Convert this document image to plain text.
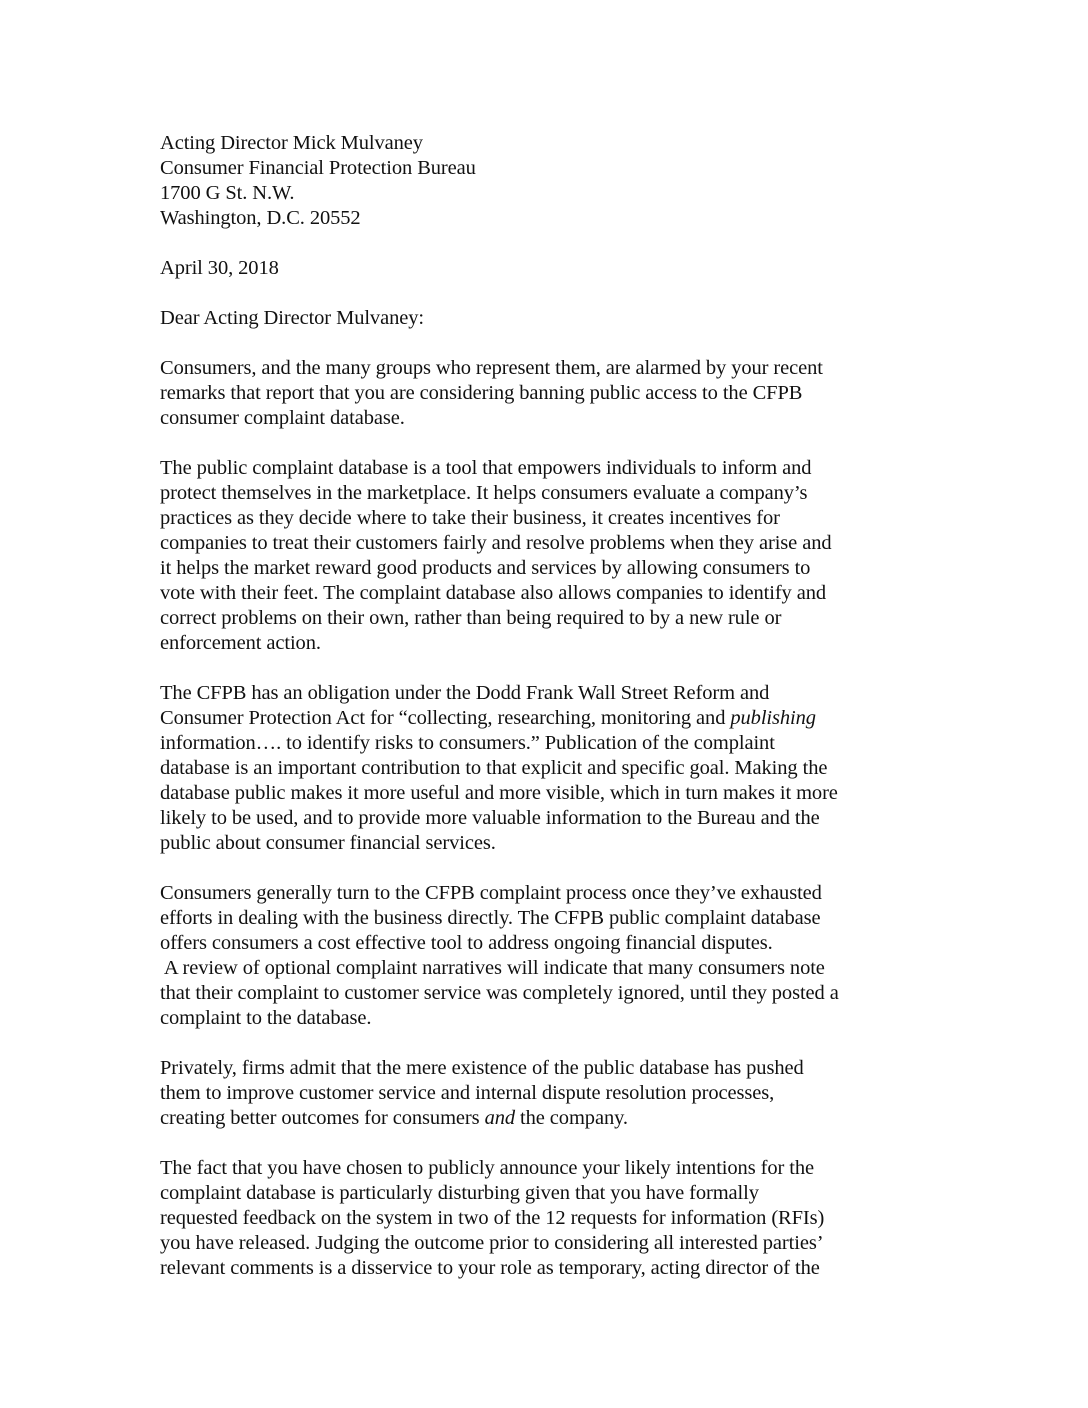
Acting Director Mick Mulvaney
Consumer Financial Protection Bureau
1700 G St. N.W.
Washington, D.C. 20552
April 30, 2018
Dear Acting Director Mulvaney:
Consumers, and the many groups who represent them, are alarmed by your recent
remarks that report that you are considering banning public access to the CFPB
consumer complaint database.
The public complaint database is a tool that empowers individuals to inform and
protect themselves in the marketplace. It helps consumers evaluate a company’s
practices as they decide where to take their business, it creates incentives for
companies to treat their customers fairly and resolve problems when they arise and
it helps the market reward good products and services by allowing consumers to
vote with their feet. The complaint database also allows companies to identify and
correct problems on their own, rather than being required to by a new rule or
enforcement action.
The CFPB has an obligation under the Dodd Frank Wall Street Reform and
Consumer Protection Act for “collecting, researching, monitoring and publishing
information…. to identify risks to consumers.” Publication of the complaint
database is an important contribution to that explicit and specific goal. Making the
database public makes it more useful and more visible, which in turn makes it more
likely to be used, and to provide more valuable information to the Bureau and the
public about consumer financial services.
Consumers generally turn to the CFPB complaint process once they’ve exhausted
efforts in dealing with the business directly. The CFPB public complaint database
offers consumers a cost effective tool to address ongoing financial disputes.
A review of optional complaint narratives will indicate that many consumers note
that their complaint to customer service was completely ignored, until they posted a
complaint to the database.
Privately, firms admit that the mere existence of the public database has pushed
them to improve customer service and internal dispute resolution processes,
creating better outcomes for consumers and the company.
The fact that you have chosen to publicly announce your likely intentions for the
complaint database is particularly disturbing given that you have formally
requested feedback on the system in two of the 12 requests for information (RFIs)
you have released. Judging the outcome prior to considering all interested parties’
relevant comments is a disservice to your role as temporary, acting director of the
